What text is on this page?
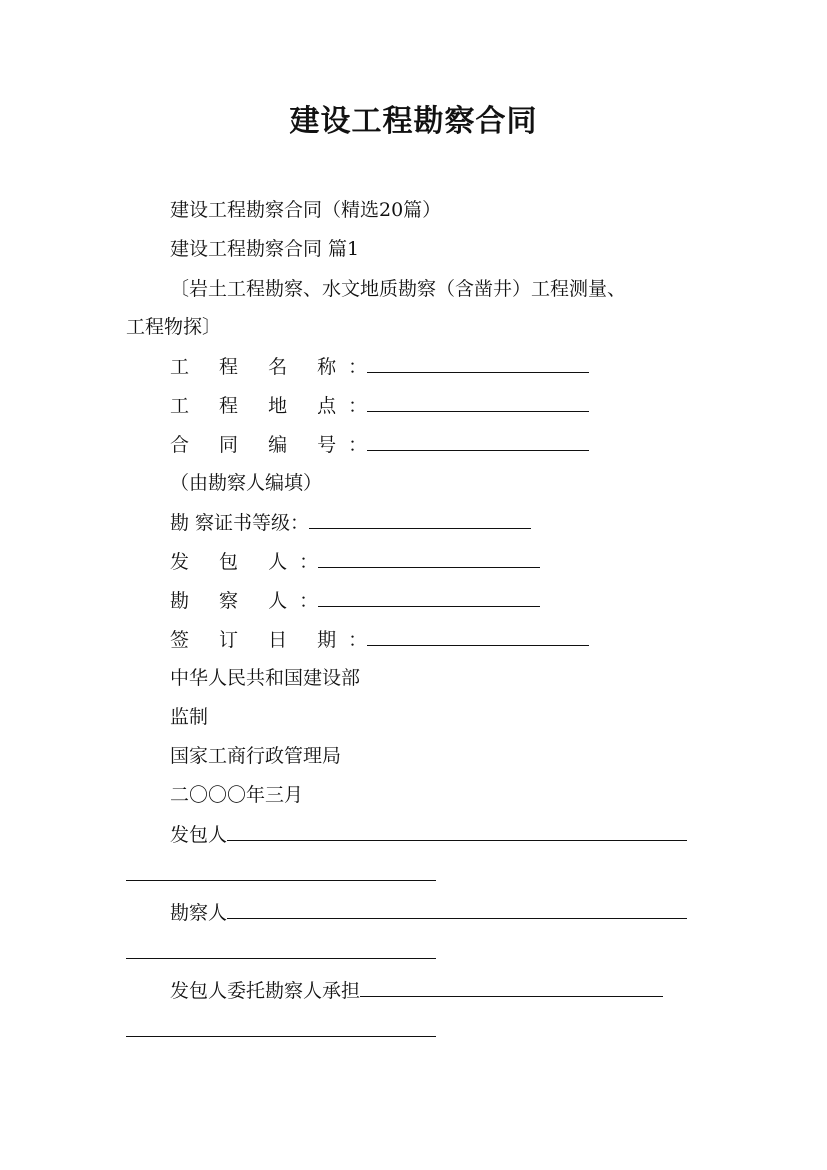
建设工程勘察合同
建设工程勘察合同（精选20篇）
建设工程勘察合同 篇1
〔岩土工程勘察、水文地质勘察（含凿井）工程测量、
工程物探〕
工 程 名 称：
工 程 地 点：
合 同 编 号：
（由勘察人编填）
勘 察证书等级：
发 包 人：
勘 察 人：
签 订 日 期：
中华人民共和国建设部
监制
国家工商行政管理局
二〇〇〇年三月
发包人
勘察人
发包人委托勘察人承担
